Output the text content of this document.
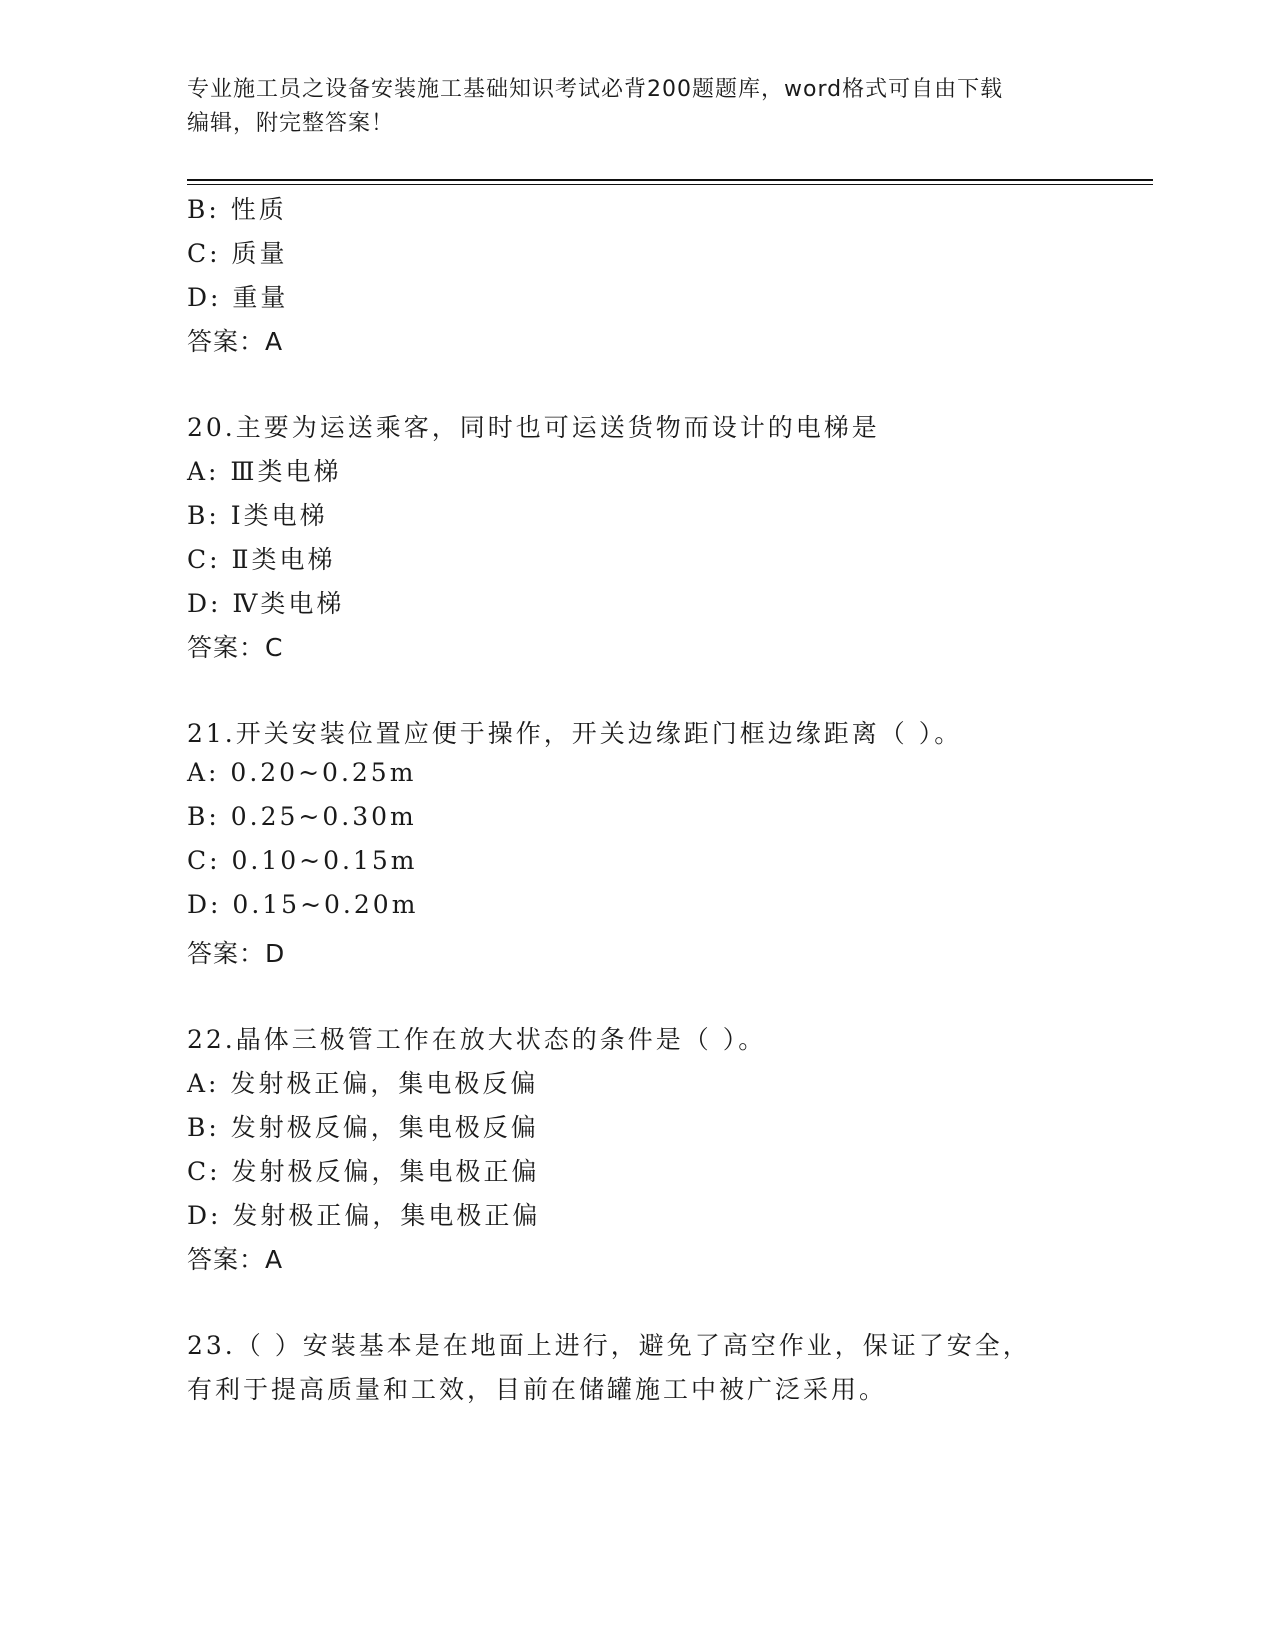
专业施工员之设备安装施工基础知识考试必背200题题库，word格式可自由下载
编辑，附完整答案！
B: 性质
C: 质量
D: 重量
答案：A
20.主要为运送乘客，同时也可运送货物而设计的电梯是
A: Ⅲ类电梯
B: Ⅰ类电梯
C: Ⅱ类电梯
D: Ⅳ类电梯
答案：C
21.开关安装位置应便于操作，开关边缘距门框边缘距离（ ）。
A: 0.20~0.25m
B: 0.25~0.30m
C: 0.10~0.15m
D: 0.15~0.20m
答案：D
22.晶体三极管工作在放大状态的条件是（ ）。
A: 发射极正偏，集电极反偏
B: 发射极反偏，集电极反偏
C: 发射极反偏，集电极正偏
D: 发射极正偏，集电极正偏
答案：A
23.（ ）安装基本是在地面上进行，避免了高空作业，保证了安全，
有利于提高质量和工效，目前在储罐施工中被广泛采用。
